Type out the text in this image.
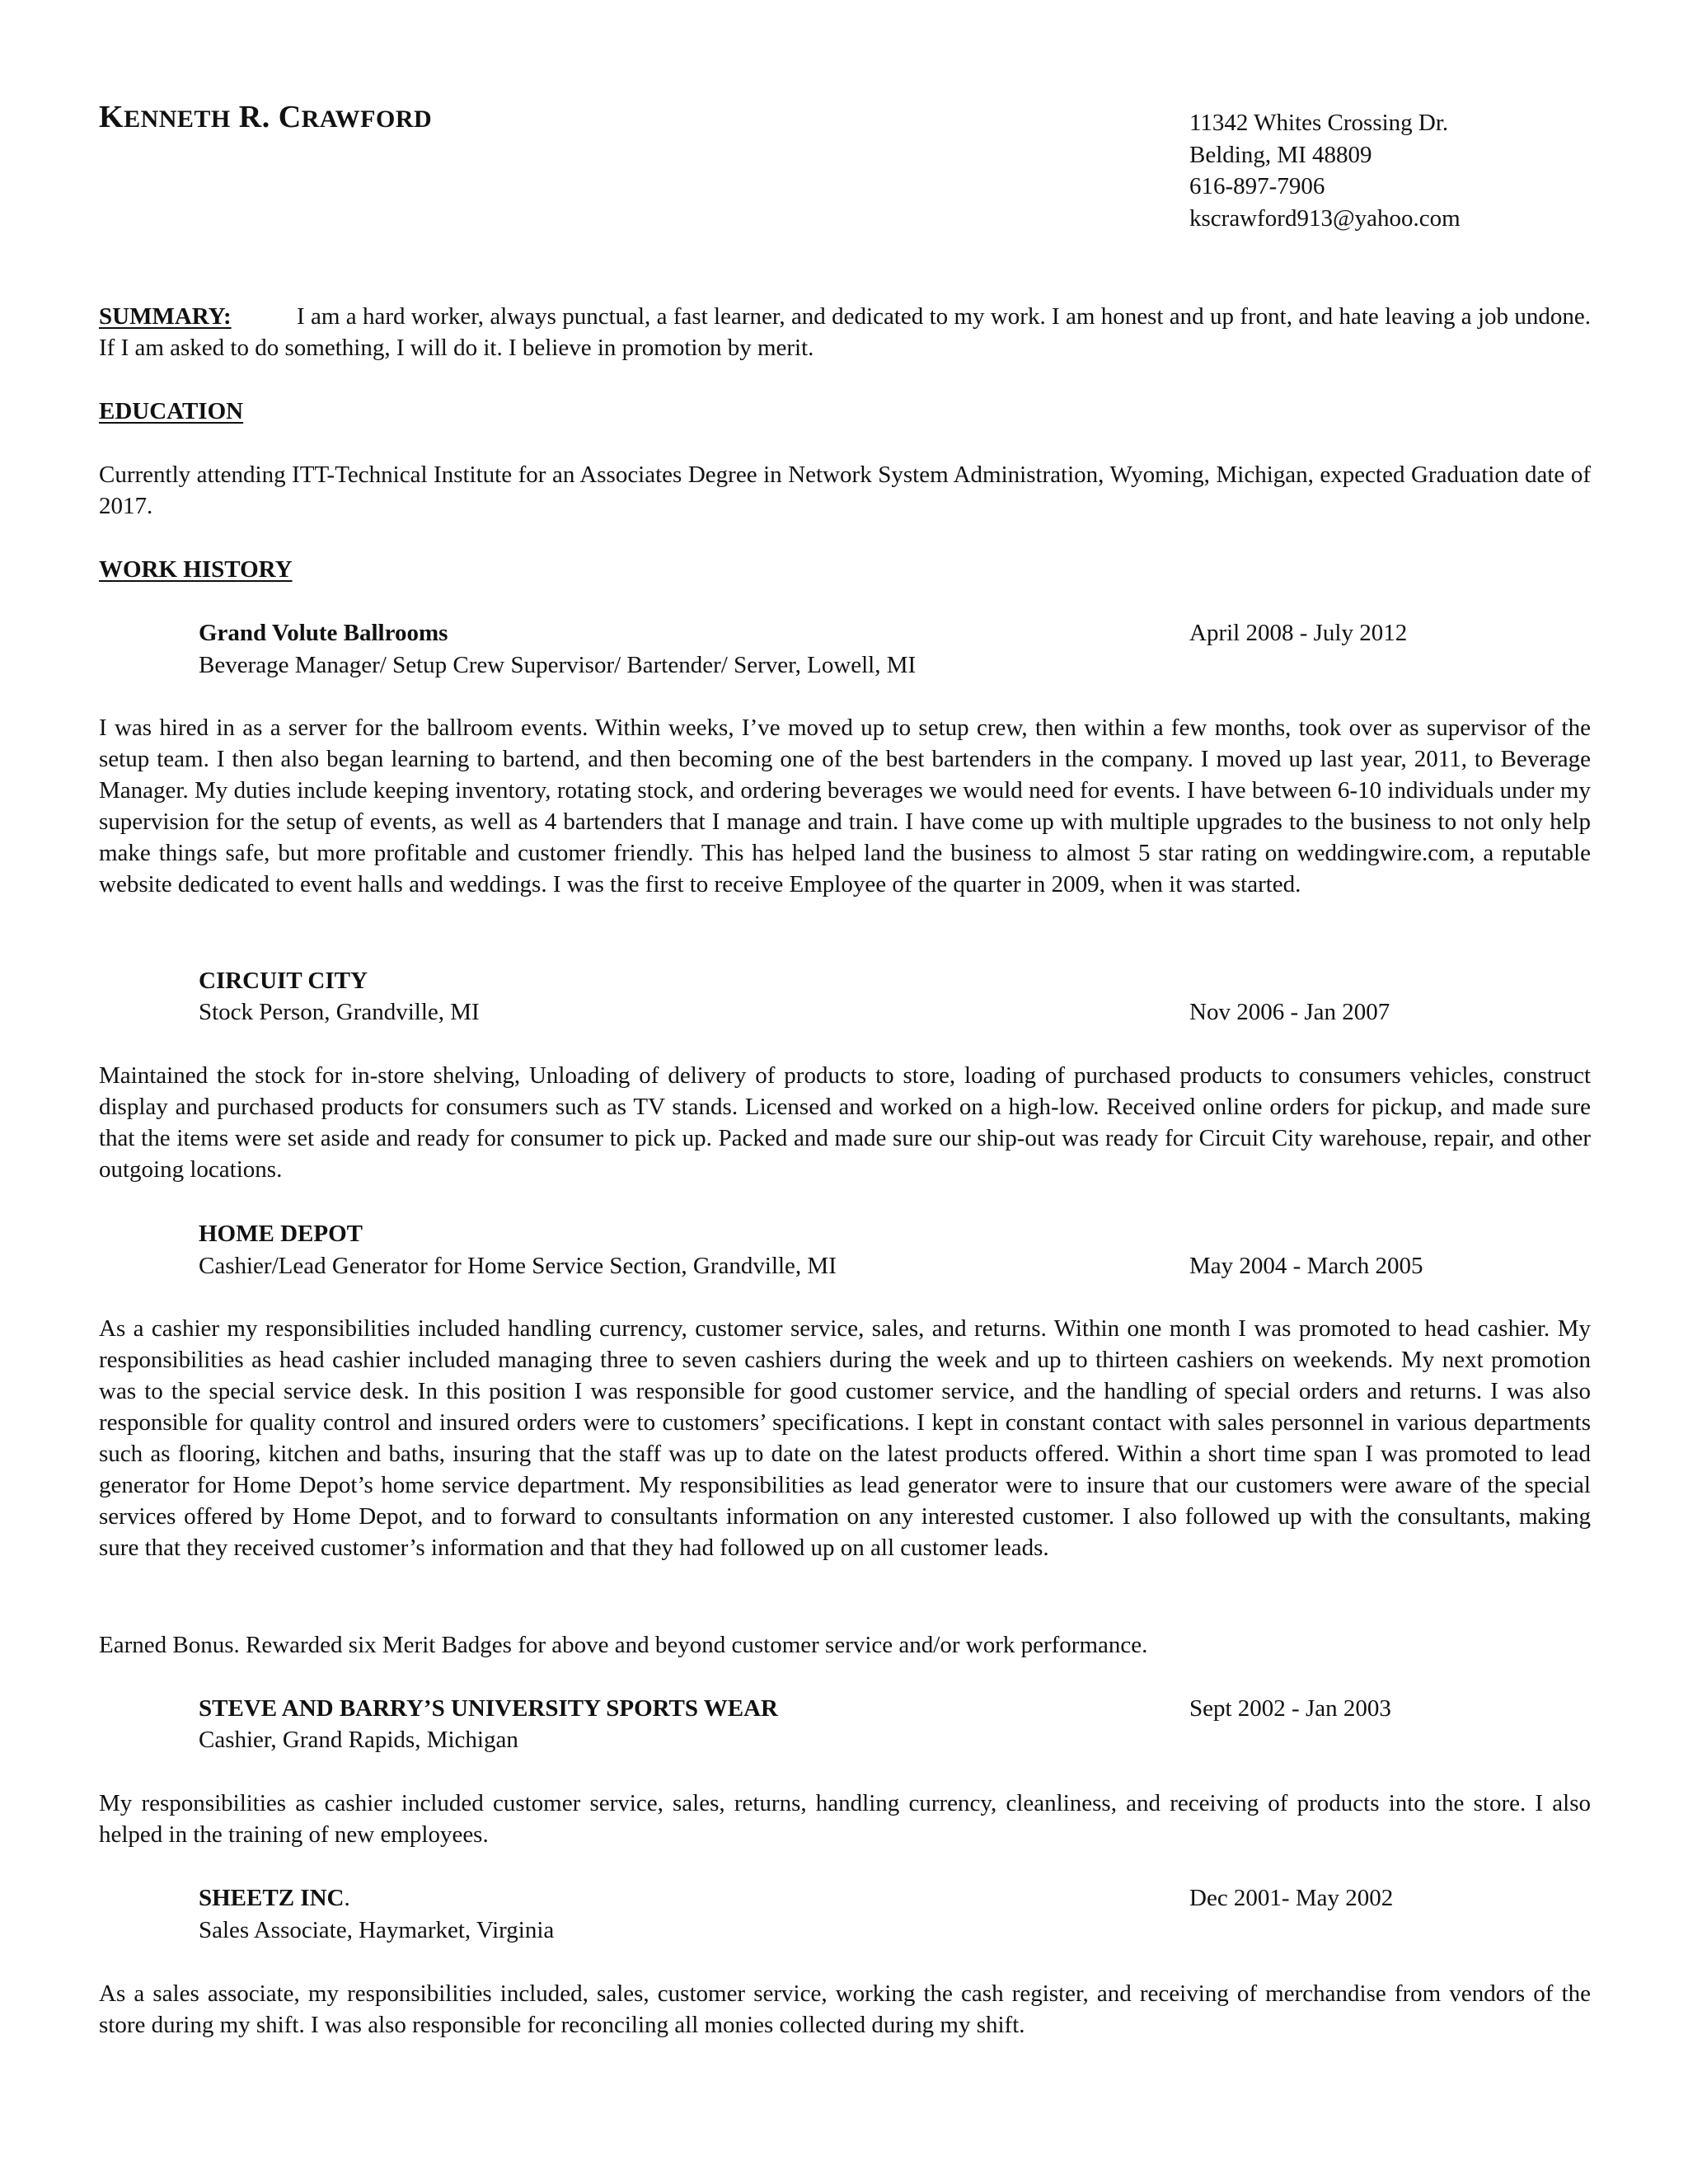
KENNETH R. CRAWFORD	11342 Whites Crossing Dr.
Belding, MI 48809
616-897-7906
kscrawford913@yahoo.com
SUMMARY:	I am a hard worker, always punctual, a fast learner, and dedicated to my work. I am honest and up front, and hate leaving a job undone. If I am asked to do something, I will do it. I believe in promotion by merit.
EDUCATION
Currently attending ITT-Technical Institute for an Associates Degree in Network System Administration, Wyoming, Michigan, expected Graduation date of 2017.
WORK HISTORY
Grand Volute Ballrooms	April 2008 - July 2012
Beverage Manager/ Setup Crew Supervisor/ Bartender/ Server, Lowell, MI
I was hired in as a server for the ballroom events. Within weeks, I’ve moved up to setup crew, then within a few months, took over as supervisor of the setup team. I then also began learning to bartend, and then becoming one of the best bartenders in the company. I moved up last year, 2011, to Beverage Manager. My duties include keeping inventory, rotating stock, and ordering beverages we would need for events. I have between 6-10 individuals under my supervision for the setup of events, as well as 4 bartenders that I manage and train. I have come up with multiple upgrades to the business to not only help make things safe, but more profitable and customer friendly. This has helped land the business to almost 5 star rating on weddingwire.com, a reputable website dedicated to event halls and weddings. I was the first to receive Employee of the quarter in 2009, when it was started.
CIRCUIT CITY
Stock Person, Grandville, MI	Nov 2006 - Jan 2007
Maintained the stock for in-store shelving, Unloading of delivery of products to store, loading of purchased products to consumers vehicles, construct display and purchased products for consumers such as TV stands. Licensed and worked on a high-low. Received online orders for pickup, and made sure that the items were set aside and ready for consumer to pick up. Packed and made sure our ship-out was ready for Circuit City warehouse, repair, and other outgoing locations.
HOME DEPOT
Cashier/Lead Generator for Home Service Section, Grandville, MI	May 2004 - March 2005
As a cashier my responsibilities included handling currency, customer service, sales, and returns. Within one month I was promoted to head cashier. My responsibilities as head cashier included managing three to seven cashiers during the week and up to thirteen cashiers on weekends. My next promotion was to the special service desk. In this position I was responsible for good customer service, and the handling of special orders and returns. I was also responsible for quality control and insured orders were to customers’ specifications. I kept in constant contact with sales personnel in various departments such as flooring, kitchen and baths, insuring that the staff was up to date on the latest products offered. Within a short time span I was promoted to lead generator for Home Depot’s home service department. My responsibilities as lead generator were to insure that our customers were aware of the special services offered by Home Depot, and to forward to consultants information on any interested customer. I also followed up with the consultants, making sure that they received customer’s information and that they had followed up on all customer leads.
Earned Bonus. Rewarded six Merit Badges for above and beyond customer service and/or work performance.
STEVE AND BARRY’S UNIVERSITY SPORTS WEAR	Sept 2002 - Jan 2003
Cashier, Grand Rapids, Michigan
My responsibilities as cashier included customer service, sales, returns, handling currency, cleanliness, and receiving of products into the store. I also helped in the training of new employees.
SHEETZ INC.	Dec 2001- May 2002
Sales Associate, Haymarket, Virginia
As a sales associate, my responsibilities included, sales, customer service, working the cash register, and receiving of merchandise from vendors of the store during my shift. I was also responsible for reconciling all monies collected during my shift.
